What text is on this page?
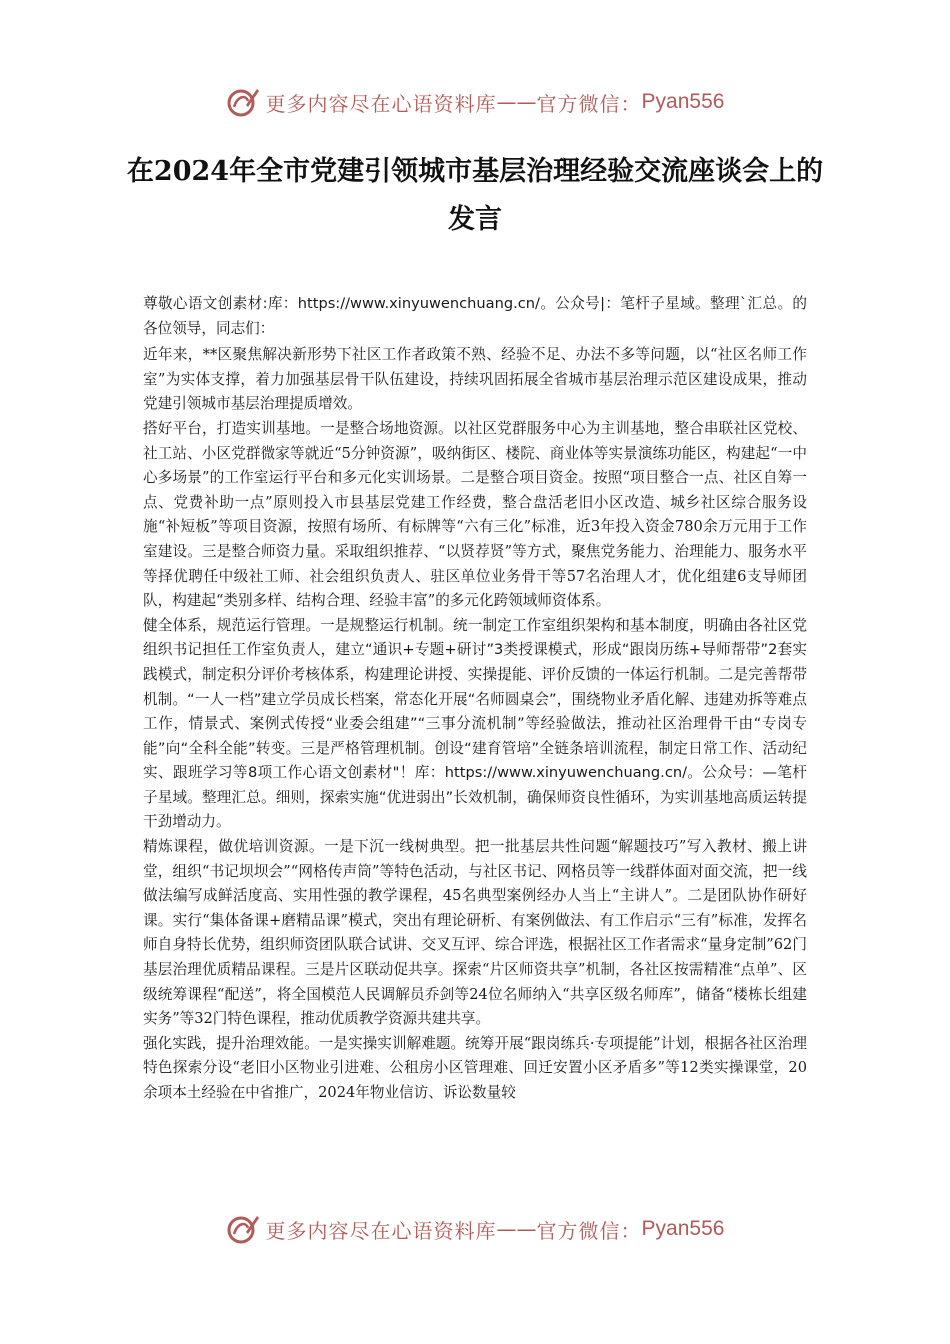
更多内容尽在心语资料库 —— 官方微信： Pyan556
在2024年全市党建引领城市基层治理经验交流座谈会上的发言

尊敬心语文创素材:库：https://www.xinyuwenchuang.cn/。公众号|：笔杆子星域。整理`汇总。的各位领导，同志们：

近年来，**区聚焦解决新形势下社区工作者政策不熟、经验不足、办法不多等问题，以“社区名师工作室”为实体支撑，着力加强基层骨干队伍建设，持续巩固拓展全省城市基层治理示范区建设成果，推动党建引领城市基层治理提质增效。

搭好平台，打造实训基地。一是整合场地资源。以社区党群服务中心为主训基地，整合串联社区党校、社工站、小区党群微家等就近“5分钟资源”，吸纳街区、楼院、商业体等实景演练功能区，构建起“一中心多场景”的工作室运行平台和多元化实训场景。二是整合项目资金。按照“项目整合一点、社区自筹一点、党费补助一点”原则投入市县基层党建工作经费，整合盘活老旧小区改造、城乡社区综合服务设施“补短板”等项目资源，按照有场所、有标牌等“六有三化”标准，近3年投入资金780余万元用于工作室建设。三是整合师资力量。采取组织推荐、“以贤荐贤”等方式，聚焦党务能力、治理能力、服务水平等择优聘任中级社工师、社会组织负责人、驻区单位业务骨干等57名治理人才，优化组建6支导师团队，构建起“类别多样、结构合理、经验丰富”的多元化跨领域师资体系。

健全体系，规范运行管理。一是规整运行机制。统一制定工作室组织架构和基本制度，明确由各社区党组织书记担任工作室负责人，建立“通识+专题+研讨”3类授课模式，形成“跟岗历练+导师帮带”2套实践模式，制定积分评价考核体系，构建理论讲授、实操提能、评价反馈的一体运行机制。二是完善帮带机制。“一人一档”建立学员成长档案，常态化开展“名师圆桌会”，围绕物业矛盾化解、违建劝拆等难点工作，情景式、案例式传授“业委会组建”“三事分流机制”等经验做法，推动社区治理骨干由“专岗专能”向“全科全能”转变。三是严格管理机制。创设“建育管培”全链条培训流程，制定日常工作、活动纪实、跟班学习等8项工作心语文创素材"！库：https://www.xinyuwenchuang.cn/。公众号：—笔杆子星域。整理汇总。细则，探索实施“优进弱出”长效机制，确保师资良性循环，为实训基地高质运转提干劲增动力。

精炼课程，做优培训资源。一是下沉一线树典型。把一批基层共性问题“解题技巧”写入教材、搬上讲堂，组织“书记坝坝会”“网格传声筒”等特色活动，与社区书记、网格员等一线群体面对面交流，把一线做法编写成鲜活度高、实用性强的教学课程，45名典型案例经办人当上“主讲人”。二是团队协作研好课。实行“集体备课+磨精品课”模式，突出有理论研析、有案例做法、有工作启示“三有”标准，发挥名师自身特长优势，组织师资团队联合试讲、交叉互评、综合评选，根据社区工作者需求“量身定制”62门基层治理优质精品课程。三是片区联动促共享。探索“片区师资共享”机制，各社区按需精准“点单”、区级统筹课程“配送”，将全国模范人民调解员乔剑等24位名师纳入“共享区级名师库”，储备“楼栋长组建实务”等32门特色课程，推动优质教学资源共建共享。

强化实践，提升治理效能。一是实操实训解难题。统筹开展“跟岗练兵·专项提能”计划，根据各社区治理特色探索分设“老旧小区物业引进难、公租房小区管理难、回迁安置小区矛盾多”等12类实操课堂，20余项本土经验在中省推广，2024年物业信访、诉讼数量较

更多内容尽在心语资料库 —— 官方微信： Pyan556
